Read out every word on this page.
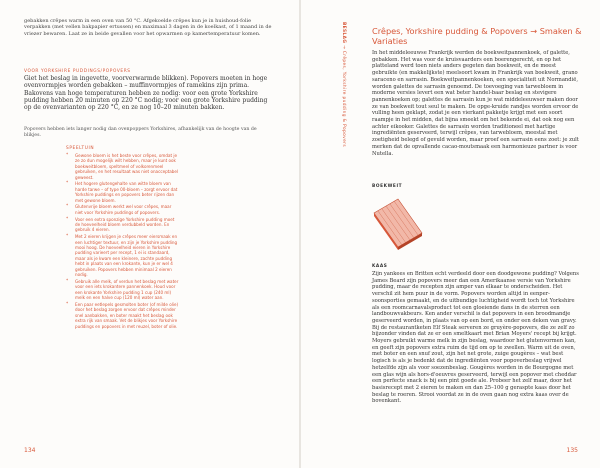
gebakken crêpes warm in een oven van 50 °C. Afgekoelde crêpes kun je in huishoud-folie verpakken (met vellen bakpapier ertussen) en maximaal 3 dagen in de koelkast, of 1 maand in de vriezer bewaren. Laat ze in beide gevallen voor het opwarmen op kamertemperatuur komen.
VOOR YORKSHIRE PUDDINGS/POPOVERS
Giet het beslag in ingevette, voorverwarmde blikken). Popovers moeten in hoge ovenvormpjes worden gebakken – muffinvormpjes of ramekins zijn prima. Bakovens van hoge temperaturen hebben ze nodig: voor een grote Yorkshire pudding hebben 20 minuten op 220 °C nodig; voor een grote Yorkshire pudding op de ovenvarianten op 220 °C, en ze nog 10–20 minuten bakken.
Popovers hebben iets langer nodig dan ovenpoppers Yorkshires, afhankelijk van de hoogte van de blikjes.
SPEELTUIN
* Gewone bloem is het beste voor crêpes, omdat je ze zo dun mogelijk wilt hebben, maar je kunt ook boekweitbloem, speltmeel of volkorenmeel gebruiken, en het resultaat was niet onacceptabel geweest.
* Het hogere glutengehalte van witte bloem van harde tarwe – of type 00-bloem – zorgt ervoor dat Yorkshire puddings en popovers beter rijzen dan met gewone bloem.
* Glutenvrije bloem werkt wel voor crêpes, maar niet voor Yorkshire puddings of popovers.
* Voor een extra sponzige Yorkshire pudding moet de hoeveelheid bloem verdubbeld worden. En gebruik 4 eieren.
* Met 2 eieren krijgen je crêpes meer eiersmaak en een luchtiger textuur, en zijn je Yorkshire pudding mooi hoog. De hoeveelheid eieren in Yorkshire pudding varieert per recept, 1 ei is standaard, maar als je kwam een kleinere, zachte pudding hebt in plaats van een krokante, kun je er wel 4 gebruiken. Popovers hebben minimaal 2 eieren nodig.
* Gebruik alle melk, of verdun het beslag met water voor een iets krokantere pannenkoek. Houd voor een krokante Yorkshire pudding 1 cup (240 ml) melk en een halve cup (120 ml) water aan.
* Een paar eetlepels gesmolten boter (of milde olie) door het beslag zorgen ervoor dat crêpes minder snel aanbakken, en boter maakt het beslag ook extra rijk van smaak. Vet de blikjes voor Yorkshire puddings en popovers in met reuzel, boter of olie.
134
BESLAG → Crêpes, Yorkshire pudding & Popovers
Crêpes, Yorkshire pudding & Popovers → Smaken & Variaties

In het middeleeuwse Frankrijk werden de boekweitpannenkoek, of galette, gebakken. Het was voor de kruisvaarders een boerengerecht, en op het platteland werd toen niets anders gegeten dan boekweit, en de meest gebruikte (en makkelijkste) meelsoort kwam in Frankrijk van boekweit, grano saraceno en sarrasin. Boekweitpannenkoeken, een specialiteit uit Normandië, worden galettes de sarrasin genoemd. De toevoeging van tarwebloem in moderne versies levert een wat beter handel-baar beslag en stevigere pannenkoeken op; galettes de sarrasin kun je wat middeleeuwser maken door ze van boekweit tout seul te maken. De opge-kruide randjes worden ervoor de vulling heen geklapt, zodat je een vierkant pakketje krijgt met een soort raampje in het midden, dat bijna smeekt om het bekende ei, dat ook nog een achter eikooker. Galettes de sarrasin worden traditioneel met hartige ingrediënten geserveerd, terwijl crêpes, van tarwebloem, meestal met zoetigheid belegd of gevuld worden, maar proef een sarrasin eens zoet: je zult merken dat de opvallende cacao-moutsmaak een harmonieuze partner is voor Nutella.

BOEKWEIT
KAAS

Zijn yankees en Britten echt verdeeld door een doodgewone pudding? Volgens James Beard zijn popovers meer dan een Amerikaanse versie van Yorkshire pudding, maar de recepten zijn amper van elkaar te onderscheiden. Het verschil zit hem puur in de vorm. Popovers worden altijd in eenper-soonsporties gemaakt, en de uitbundige luchtigheid wordt toch tot Yorkshire als een roomcarnavalsproduct tot een gloeiende dans in de sterren een landbouwvakbeurs. Ken ander verschil is dat popovers in een broodmandje geserveerd worden, in plaats van op een bord, en onder een deken van gravy. Bij de restaurantketen Elf Steak serveren ze gruyère-popovers, die ze zelf zo bijzonder vinden dat ze er een smeltkaart met Brian Moyers' recept bij krijgt. Moyers gebruikt warme melk in zijn beslag, waardoor het glutenvormen kan, en geeft zijn popovers extra ruim de tijd om op te zwellen. Warm uit de oven, met boter en een snuf zout, zijn het net grote, zuige gougères – wat best logisch is als je bedenkt dat de ingrediënten voor popoverbeslag vrijwel hetzelfde zijn als voor soezenbeslag. Gougères worden in de Bourgogne met een glas wijn als hors-d'oeuvres geserveerd, terwijl een popover met cheddar een perfecte snack is bij een pint goede ale. Probeer het zelf maar, door het basisrecept met 2 eieren te maken en dan 25–100 g geraspte kaas door het beslag te roeren. Strooi voordat ze in de oven gaan nog extra kaas over de bovenkant.

135
